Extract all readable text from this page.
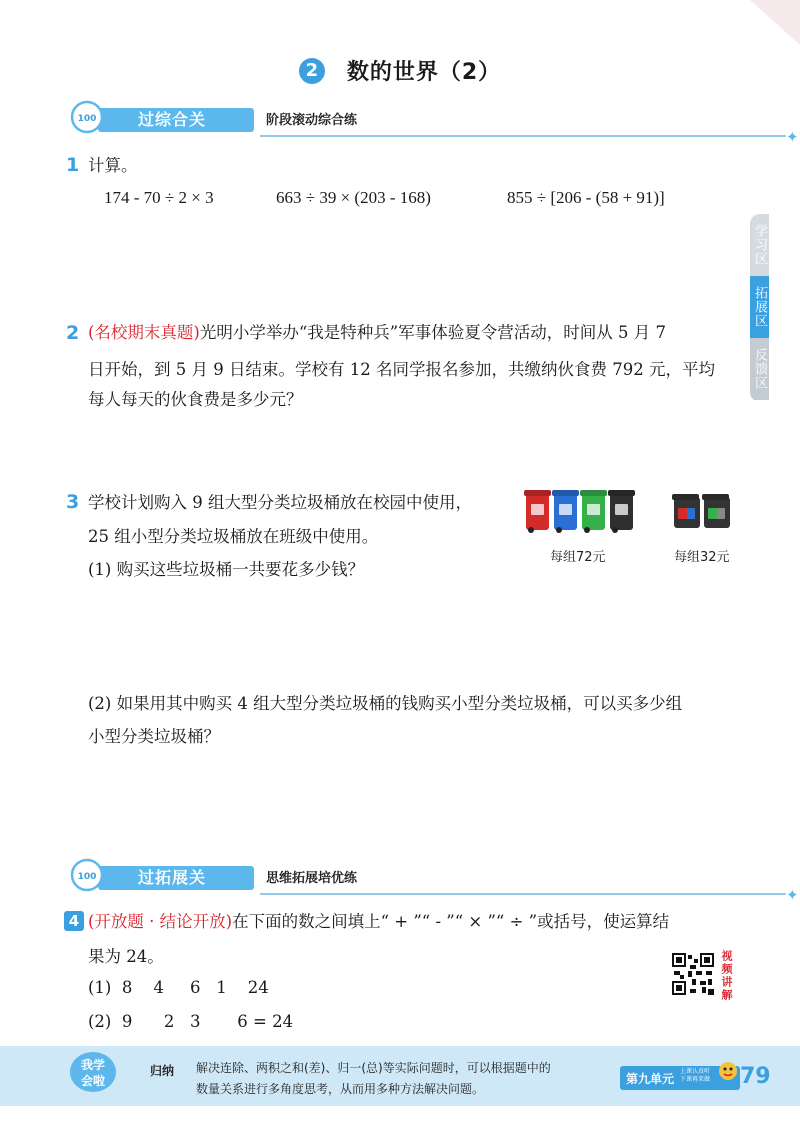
2	数的世界（2）
学习区
拓展区
反馈区
过综合关
100	阶段滚动综合练
✦
1 计算。
174 - 70 ÷ 2 × 3	663 ÷ 39 × (203 - 168)	855 ÷ [206 - (58 + 91)]
2 (名校期末真题)光明小学举办“我是特种兵”军事体验夏令营活动，时间从 5 月 7
日开始，到 5 月 9 日结束。学校有 12 名同学报名参加，共缴纳伙食费 792 元，平均
每人每天的伙食费是多少元？
3 学校计划购入 9 组大型分类垃圾桶放在校园中使用，
25 组小型分类垃圾桶放在班级中使用。
(1) 购买这些垃圾桶一共要花多少钱？
每组72元	每组32元
(2) 如果用其中购买 4 组大型分类垃圾桶的钱购买小型分类垃圾桶，可以买多少组
小型分类垃圾桶？
过拓展关
100	思维拓展培优练
✦
4 (开放题 · 结论开放)在下面的数之间填上“ + ”“ - ”“ × ”“ ÷ ”或括号，使运算结
果为 24。
(1)  8    4     6   1    24
(2)  9      2   3       6 = 24
视频讲解
我学会啦
归纳 解决连除、两积之和(差)、归一(总)等实际问题时，可以根据题中的
数量关系进行多角度思考，从而用多种方法解决问题。
第九单元
上课认真听
下课再来做 79
